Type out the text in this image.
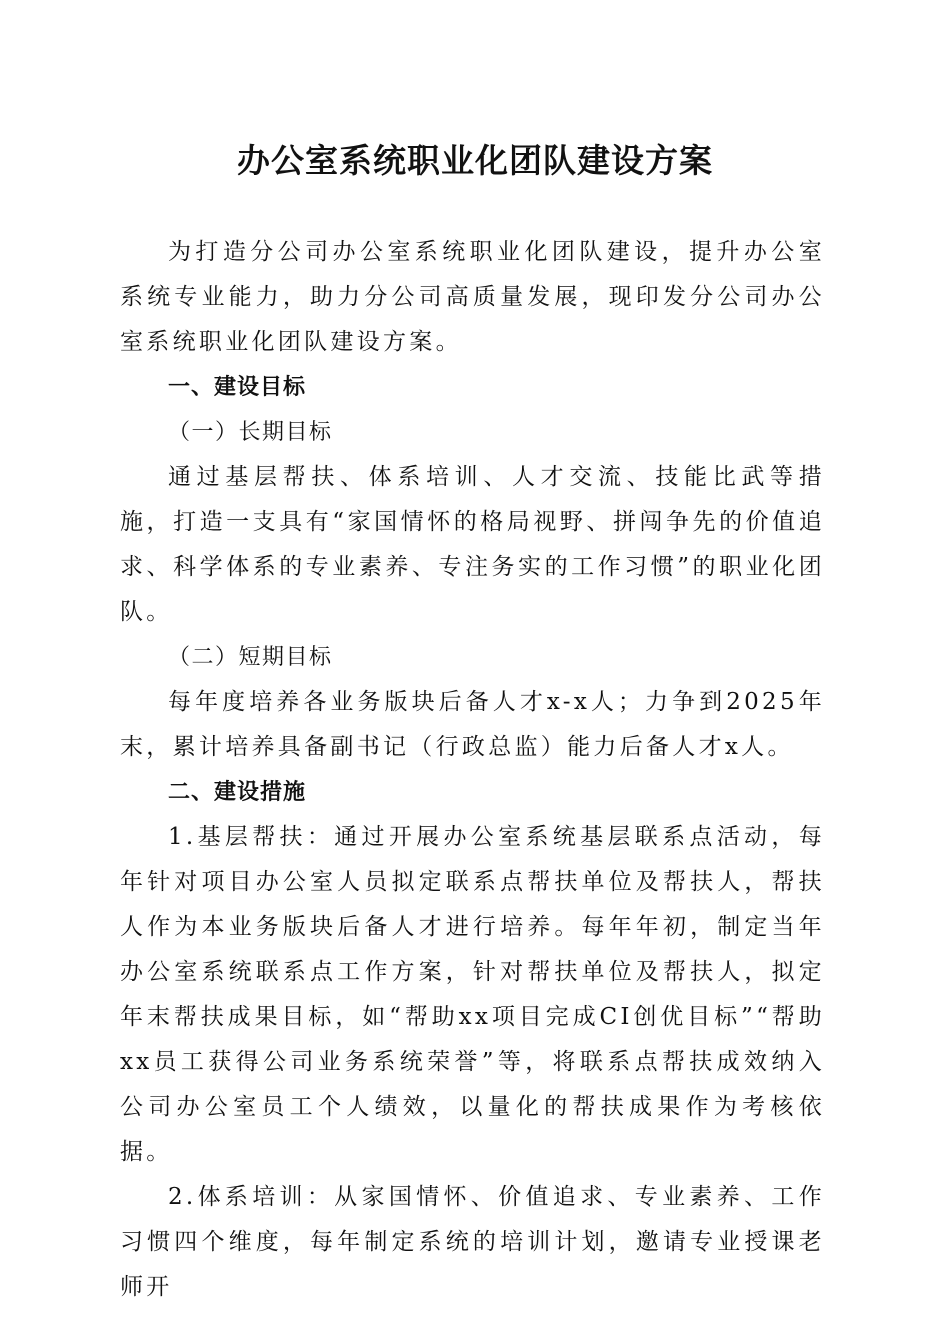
办公室系统职业化团队建设方案

为打造分公司办公室系统职业化团队建设，提升办公室系统专业能力，助力分公司高质量发展，现印发分公司办公室系统职业化团队建设方案。

一、建设目标

（一）长期目标

通过基层帮扶、体系培训、人才交流、技能比武等措施，打造一支具有“家国情怀的格局视野、拼闯争先的价值追求、科学体系的专业素养、专注务实的工作习惯”的职业化团队。

（二）短期目标

每年度培养各业务版块后备人才x-x人；力争到2025年末，累计培养具备副书记（行政总监）能力后备人才x人。

二、建设措施

1.基层帮扶：通过开展办公室系统基层联系点活动，每年针对项目办公室人员拟定联系点帮扶单位及帮扶人，帮扶人作为本业务版块后备人才进行培养。每年年初，制定当年办公室系统联系点工作方案，针对帮扶单位及帮扶人，拟定年末帮扶成果目标，如“帮助xx项目完成CI创优目标”“帮助xx员工获得公司业务系统荣誉”等，将联系点帮扶成效纳入公司办公室员工个人绩效，以量化的帮扶成果作为考核依据。

2.体系培训：从家国情怀、价值追求、专业素养、工作习惯四个维度，每年制定系统的培训计划，邀请专业授课老师开
